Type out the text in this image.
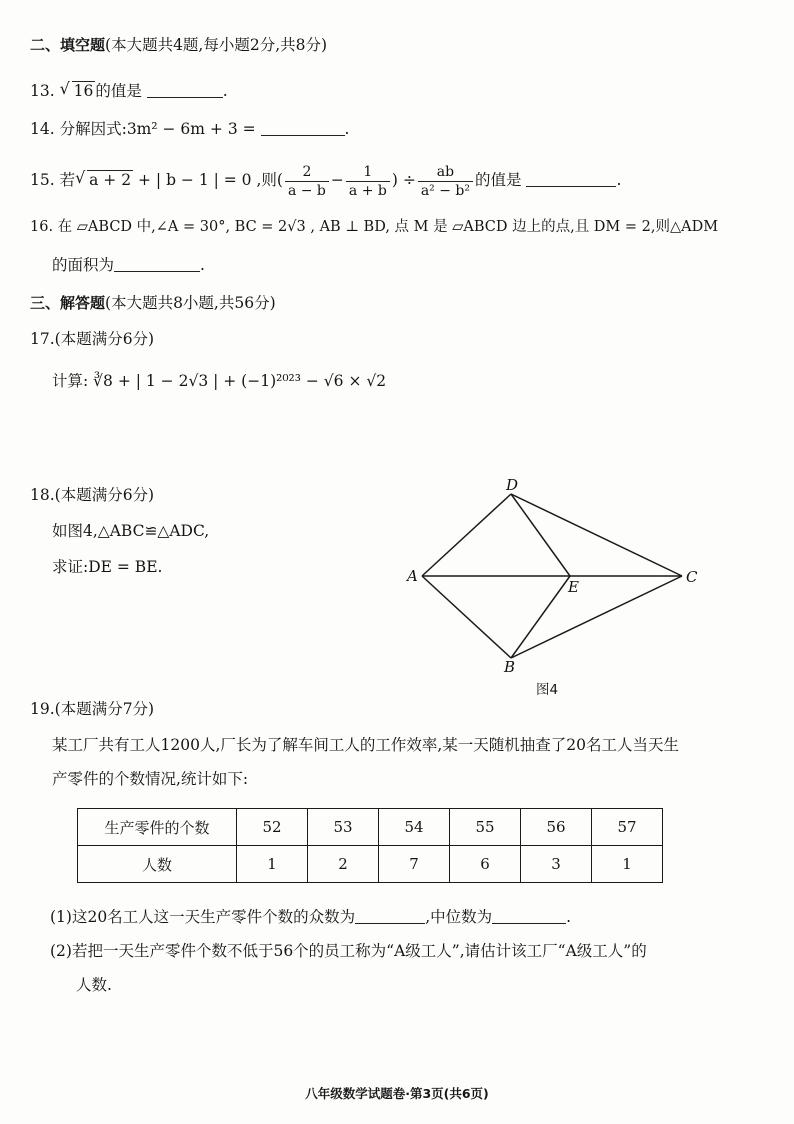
二、填空题(本大题共4题,每小题2分,共8分)
13. √ 16 的值是	.
14. 分解因式:3m² − 6m + 3 =	.
15. 若 √ a + 2 + | b − 1 | = 0 ,则( $\frac{2}{a - b} - \frac{1}{a + b}$ ) ÷ $\frac{ab}{\text{a² − b²}}$ 的值是	.
16. 在 ▱ABCD 中,∠A = 30°, BC = 2√3 , AB ⊥ BD, 点 M 是 ▱ABCD 边上的点,且 DM = 2,则△ADM
的面积为	.
三、解答题(本大题共8小题,共56分)
17.(本题满分6分)
计算: ∛8 + | 1 − 2√3 | + (−1)²⁰²³ − √6 × √2
18.(本题满分6分)
如图4,△ABC≌△ADC,
求证:DE = BE.
D
A
E
C
B
图4
19.(本题满分7分)
某工厂共有工人1200人,厂长为了解车间工人的工作效率,某一天随机抽查了20名工人当天生
产零件的个数情况,统计如下:
生产零件的个数	52	53	54	55	56	57
人数	1	2	7	6	3	1
(1)这20名工人这一天生产零件个数的众数为	,中位数为	.
(2)若把一天生产零件个数不低于56个的员工称为“A级工人”,请估计该工厂“A级工人”的
人数.
八年级数学试题卷·第3页(共6页)
